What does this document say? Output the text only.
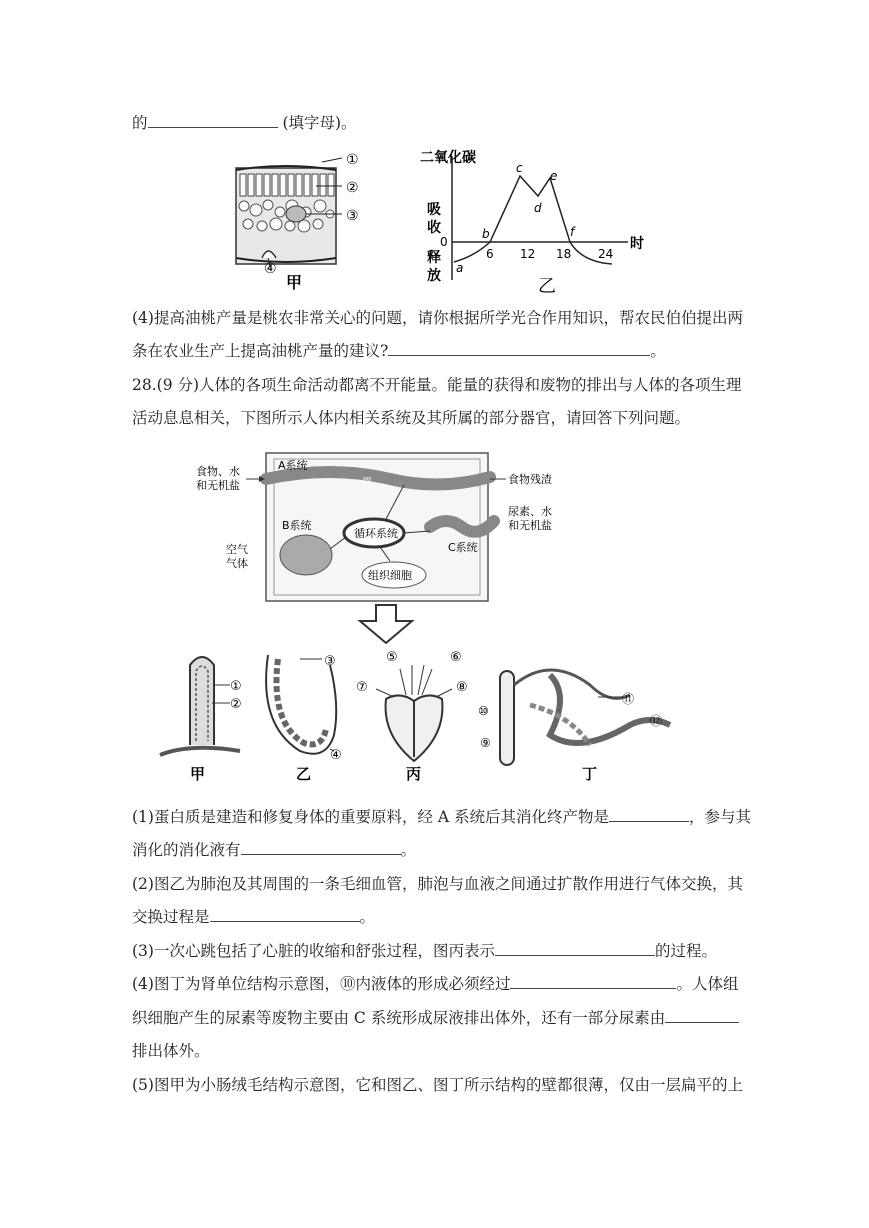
的	(填字母)。
①
②
③
④
甲
二氧化碳
吸
收
释
放
0	时
6 12 18 24
a
b
c
d
e
f
乙
(4)提高油桃产量是桃农非常关心的问题，请你根据所学光合作用知识，帮农民伯伯提出两
条在农业生产上提高油桃产量的建议?	。
28.(9 分)人体的各项生命活动都离不开能量。能量的获得和废物的排出与人体的各项生理
活动息息相关，下图所示人体内相关系统及其所属的部分器官，请回答下列问题。
食物、水
和无机盐
A系统
胃	食物残渣
B系统
循环系统
C系统
尿素、水
和无机盐
组织细胞
空气
气体
①
②
甲
③
④
乙
⑤	⑥
⑦	⑧
丙
⑩
⑨
⑪
⑫
丁
(1)蛋白质是建造和修复身体的重要原料，经 A 系统后其消化终产物是	，参与其
消化的消化液有	。
(2)图乙为肺泡及其周围的一条毛细血管，肺泡与血液之间通过扩散作用进行气体交换，其
交换过程是	。
(3)一次心跳包括了心脏的收缩和舒张过程，图丙表示	的过程。
(4)图丁为肾单位结构示意图，⑩内液体的形成必须经过	。人体组
织细胞产生的尿素等废物主要由 C 系统形成尿液排出体外，还有一部分尿素由
排出体外。
(5)图甲为小肠绒毛结构示意图，它和图乙、图丁所示结构的壁都很薄，仅由一层扁平的上
